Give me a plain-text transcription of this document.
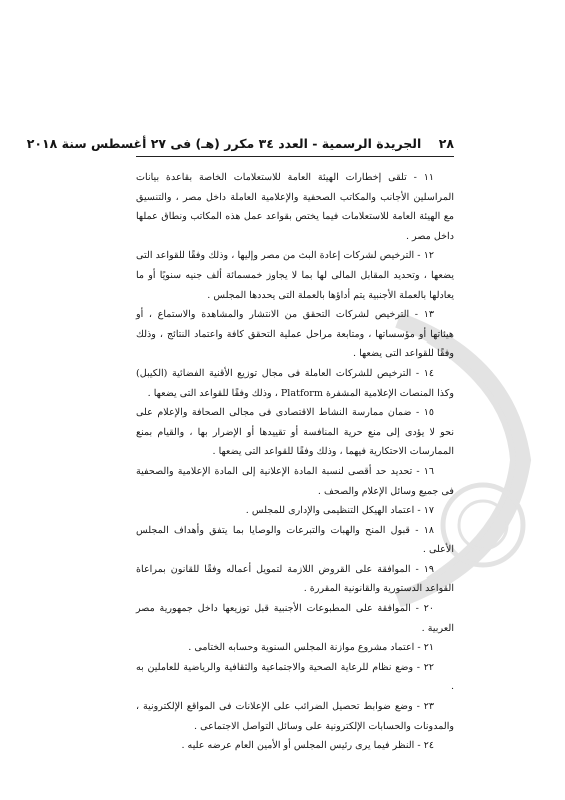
٢٨    الجريدة الرسمية - العدد ٣٤ مكرر (هـ) فى ٢٧ أغسطس سنة ٢٠١٨

١١ - تلقى إخطارات الهيئة العامة للاستعلامات الخاصة بقاعدة بيانات المراسلين الأجانب والمكاتب الصحفية والإعلامية العاملة داخل مصر ، والتنسيق مع الهيئة العامة للاستعلامات فيما يختص بقواعد عمل هذه المكاتب ونطاق عملها داخل مصر .

١٢ - الترخيص لشركات إعادة البث من مصر وإليها ، وذلك وفقًا للقواعد التى يضعها ، وتحديد المقابل المالى لها بما لا يجاوز خمسمائة ألف جنيه سنويًا أو ما يعادلها بالعملة الأجنبية يتم أداؤها بالعملة التى يحددها المجلس .

١٣ - الترخيص لشركات التحقق من الانتشار والمشاهدة والاستماع ، أو هيئاتها أو مؤسساتها ، ومتابعة مراحل عملية التحقق كافة واعتماد النتائج ، وذلك وفقًا للقواعد التى يضعها .

١٤ - الترخيص للشركات العاملة فى مجال توزيع الأقنية الفضائية (الكيبل) وكذا المنصات الإعلامية المشفرة Platform ، وذلك وفقًا للقواعد التى يضعها .

١٥ - ضمان ممارسة النشاط الاقتصادى فى مجالى الصحافة والإعلام على نحو لا يؤدى إلى منع حرية المنافسة أو تقييدها أو الإضرار بها ، والقيام بمنع الممارسات الاحتكارية فيهما ، وذلك وفقًا للقواعد التى يضعها .

١٦ - تحديد حد أقصى لنسبة المادة الإعلانية إلى المادة الإعلامية والصحفية فى جميع وسائل الإعلام والصحف .

١٧ - اعتماد الهيكل التنظيمى والإدارى للمجلس .

١٨ - قبول المنح والهبات والتبرعات والوصايا بما يتفق وأهداف المجلس الأعلى .

١٩ - الموافقة على القروض اللازمة لتمويل أعماله وفقًا للقانون بمراعاة القواعد الدستورية والقانونية المقررة .

٢٠ - الموافقة على المطبوعات الأجنبية قبل توزيعها داخل جمهورية مصر العربية .

٢١ - اعتماد مشروع موازنة المجلس السنوية وحسابه الختامى .

٢٢ - وضع نظام للرعاية الصحية والاجتماعية والثقافية والرياضية للعاملين به .

٢٣ - وضع ضوابط تحصيل الضرائب على الإعلانات فى المواقع الإلكترونية ، والمدونات والحسابات الإلكترونية على وسائل التواصل الاجتماعى .

٢٤ - النظر فيما يرى رئيس المجلس أو الأمين العام عرضه عليه .
